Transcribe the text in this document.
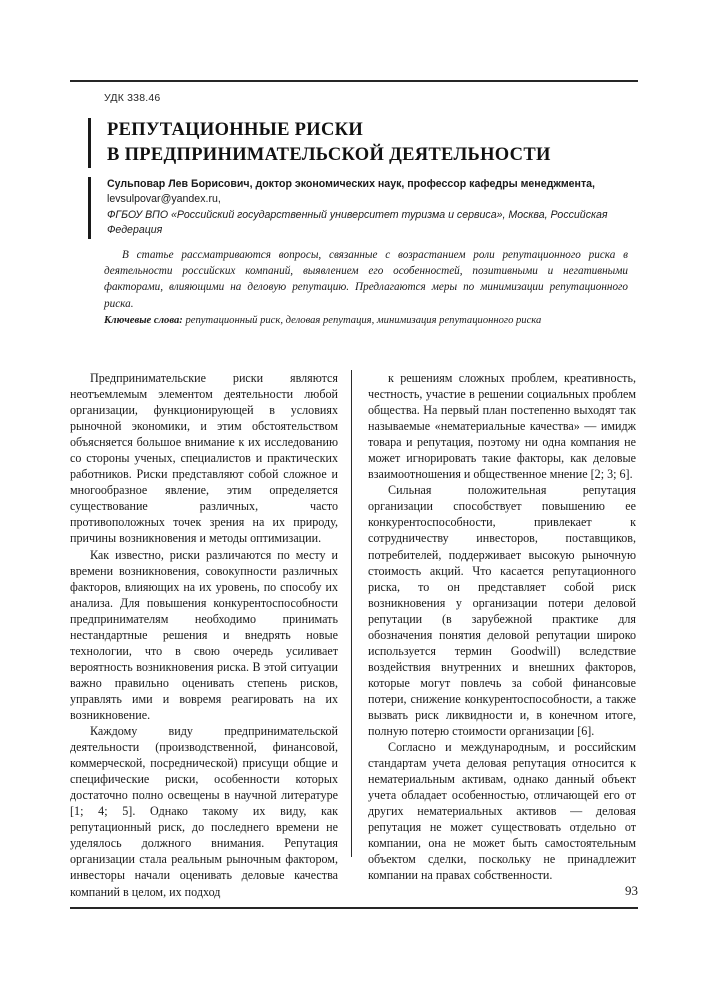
УДК 338.46
РЕПУТАЦИОННЫЕ РИСКИ
В ПРЕДПРИНИМАТЕЛЬСКОЙ ДЕЯТЕЛЬНОСТИ
Сульповар Лев Борисович, доктор экономических наук, профессор кафедры менеджмента, levsulpovar@yandex.ru,
ФГБОУ ВПО «Российский государственный университет туризма и сервиса», Москва, Российская Федерация
В статье рассматриваются вопросы, связанные с возрастанием роли репутационного риска в деятельности российских компаний, выявлением его особенностей, позитивными и негативными факторами, влияющими на деловую репутацию. Предлагаются меры по минимизации репутационного риска.
Ключевые слова: репутационный риск, деловая репутация, минимизация репутационного риска

Предпринимательские риски являются неотъемлемым элементом деятельности любой организации, функционирующей в условиях рыночной экономики, и этим обстоятельством объясняется большое внимание к их исследованию со стороны ученых, специалистов и практических работников. Риски представляют собой сложное и многообразное явление, этим определяется существование различных, часто противоположных точек зрения на их природу, причины возникновения и методы оптимизации.

Как известно, риски различаются по месту и времени возникновения, совокупности различных факторов, влияющих на их уровень, по способу их анализа. Для повышения конкурентоспособности предпринимателям необходимо принимать нестандартные решения и внедрять новые технологии, что в свою очередь усиливает вероятность возникновения риска. В этой ситуации важно правильно оценивать степень рисков, управлять ими и вовремя реагировать на их возникновение.

Каждому виду предпринимательской деятельности (производственной, финансовой, коммерческой, посреднической) присущи общие и специфические риски, особенности которых достаточно полно освещены в научной литературе [1; 4; 5]. Однако такому их виду, как репутационный риск, до последнего времени не уделялось должного внимания. Репутация организации стала реальным рыночным фактором, инвесторы начали оценивать деловые качества компаний в целом, их подход

к решениям сложных проблем, креативность, честность, участие в решении социальных проблем общества. На первый план постепенно выходят так называемые «нематериальные качества» — имидж товара и репутация, поэтому ни одна компания не может игнорировать такие факторы, как деловые взаимоотношения и общественное мнение [2; 3; 6].

Сильная положительная репутация организации способствует повышению ее конкурентоспособности, привлекает к сотрудничеству инвесторов, поставщиков, потребителей, поддерживает высокую рыночную стоимость акций. Что касается репутационного риска, то он представляет собой риск возникновения у организации потери деловой репутации (в зарубежной практике для обозначения понятия деловой репутации широко используется термин Goodwill) вследствие воздействия внутренних и внешних факторов, которые могут повлечь за собой финансовые потери, снижение конкурентоспособности, а также вызвать риск ликвидности и, в конечном итоге, полную потерю стоимости организации [6].

Согласно и международным, и российским стандартам учета деловая репутация относится к нематериальным активам, однако данный объект учета обладает особенностью, отличающей его от других нематериальных активов — деловая репутация не может существовать отдельно от компании, она не может быть самостоятельным объектом сделки, поскольку не принадлежит компании на правах собственности.

93
